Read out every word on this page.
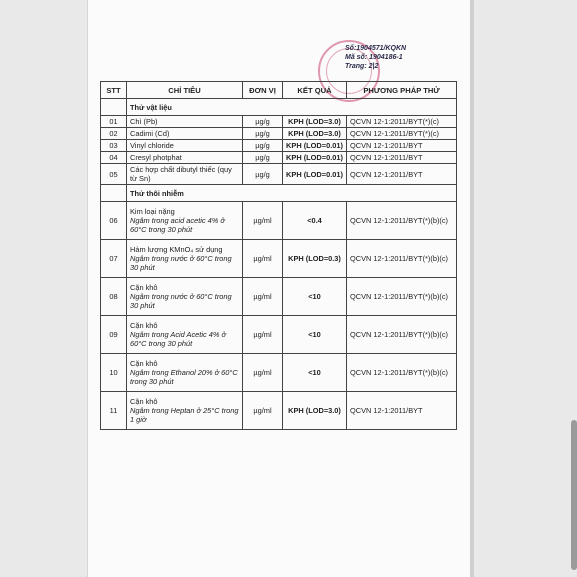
Số:1904571/KQKN
Mã số: 1904186-1
Trang: 2|2
STT	CHỈ TIÊU	ĐƠN VỊ	KẾT QUẢ	PHƯƠNG PHÁP THỬ
	Thử vật liệu			
01	Chì (Pb)	µg/g	KPH (LOD=3.0)	QCVN 12-1:2011/BYT(*)(c)
02	Cadimi (Cd)	µg/g	KPH (LOD=3.0)	QCVN 12-1:2011/BYT(*)(c)
03	Vinyl chloride	µg/g	KPH (LOD=0.01)	QCVN 12-1:2011/BYT
04	Cresyl photphat	µg/g	KPH (LOD=0.01)	QCVN 12-1:2011/BYT
05	Các hợp chất dibutyl thiếc (quy từ Sn)	µg/g	KPH (LOD=0.01)	QCVN 12-1:2011/BYT
	Thử thôi nhiễm			
06	Kim loại nặng
Ngâm trong acid acetic 4% ở 60°C trong 30 phút	µg/ml	<0.4	QCVN 12-1:2011/BYT(*)(b)(c)
07	Hàm lượng KMnO₄ sử dụng
Ngâm trong nước ở 60°C trong 30 phút	µg/ml	KPH (LOD=0.3)	QCVN 12-1:2011/BYT(*)(b)(c)
08	Cặn khô
Ngâm trong nước ở 60°C trong 30 phút	µg/ml	<10	QCVN 12-1:2011/BYT(*)(b)(c)
09	Cặn khô
Ngâm trong Acid Acetic 4% ở 60°C trong 30 phút	µg/ml	<10	QCVN 12-1:2011/BYT(*)(b)(c)
10	Cặn khô
Ngâm trong Ethanol 20% ở 60°C trong 30 phút	µg/ml	<10	QCVN 12-1:2011/BYT(*)(b)(c)
11	Cặn khô
Ngâm trong Heptan ở 25°C trong 1 giờ	µg/ml	KPH (LOD=3.0)	QCVN 12-1:2011/BYT
